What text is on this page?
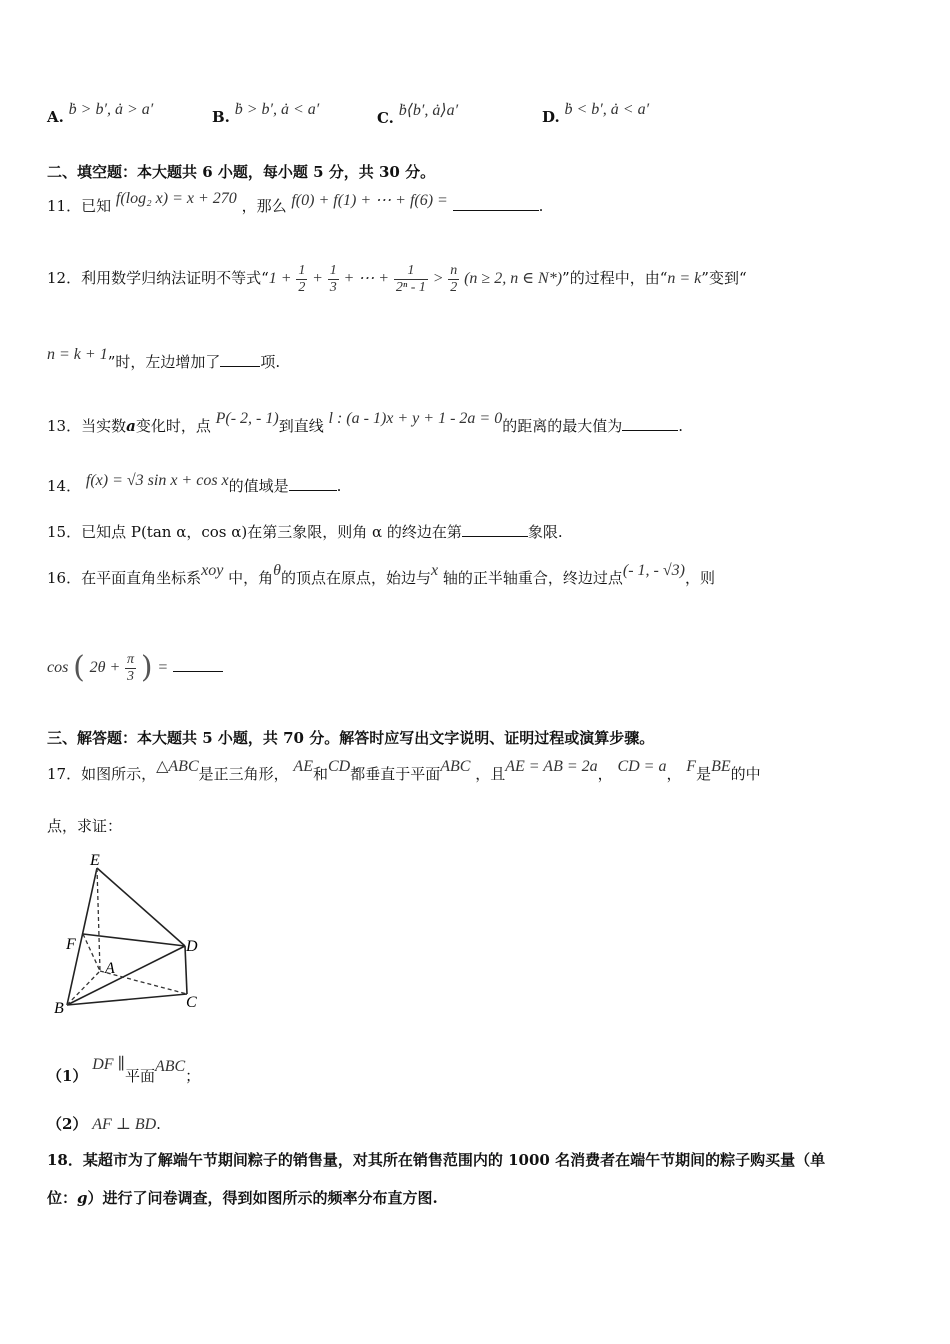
A. ḃ > b′, ȧ > a′	B. ḃ > b′, ȧ < a′	C. ḃ⟨b′, ȧ⟩a′	D. ḃ < b′, ȧ < a′
二、填空题：本大题共 6 小题，每小题 5 分，共 30 分。
11．已知 f(log₂ x) = x + 270 ，那么 f(0) + f(1) + ⋯ + f(6) =	.
12．利用数学归纳法证明不等式“$1 + \frac{1}{2} + \frac{1}{3}$ + ⋯ + $\frac{1}{\text{2ⁿ - 1}} > \frac{n}{2} (n \ge 2$, n ∈ N*)”的过程中，由“n = k”变到“
n = k + 1”时，左边增加了	项.
13．当实数a变化时，点 P(- 2, - 1)到直线 l : (a - 1)x + y + 1 - 2a = 0的距离的最大值为	.
14． f(x) = √3 sin x + cos x的值域是	.
15．已知点 P(tan α，cos α)在第三象限，则角 α 的终边在第	象限.
16．在平面直角坐标系xoy 中，角θ的顶点在原点，始边与x 轴的正半轴重合，终边过点(- 1, - √3)，则
cos ( $2\theta + \frac{\pi}{3}$ ) =
三、解答题：本大题共 5 小题，共 70 分。解答时应写出文字说明、证明过程或演算步骤。
17．如图所示，△ABC是正三角形， AE和CD都垂直于平面ABC ，且AE = AB = 2a， CD = a， F是BE的中
点，求证：
E
F	D
A
B	C
（1） DF ∥平面ABC；
（2） AF ⊥ BD.
18．某超市为了解端午节期间粽子的销售量，对其所在销售范围内的 1000 名消费者在端午节期间的粽子购买量（单
位：g）进行了问卷调查，得到如图所示的频率分布直方图.
